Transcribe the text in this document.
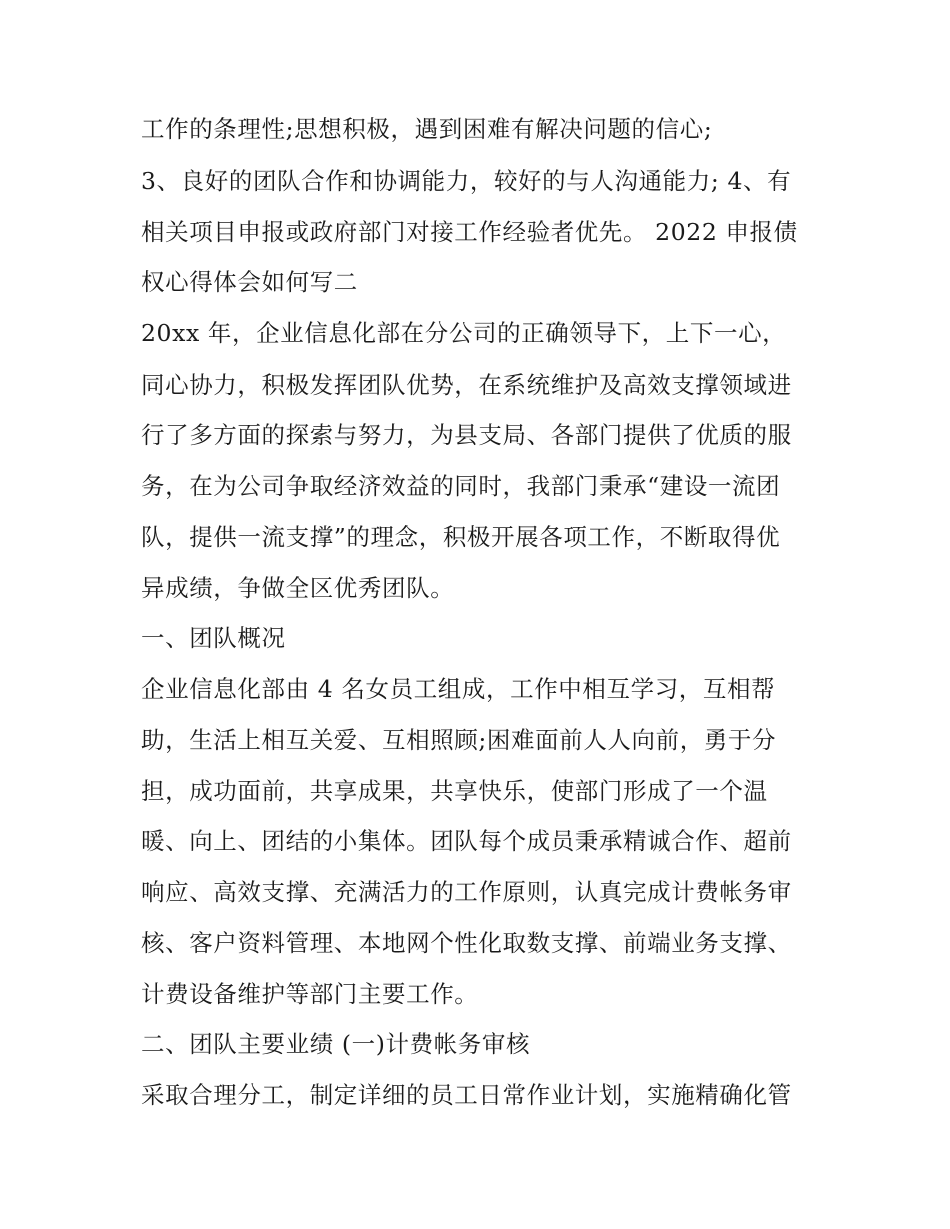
工作的条理性;思想积极，遇到困难有解决问题的信心;
3、良好的团队合作和协调能力，较好的与人沟通能力; 4、有
相关项目申报或政府部门对接工作经验者优先。 2022 申报债
权心得体会如何写二
20xx 年，企业信息化部在分公司的正确领导下，上下一心，
同心协力，积极发挥团队优势，在系统维护及高效支撑领域进
行了多方面的探索与努力，为县支局、各部门提供了优质的服
务，在为公司争取经济效益的同时，我部门秉承“建设一流团
队，提供一流支撑”的理念，积极开展各项工作，不断取得优
异成绩，争做全区优秀团队。
一、团队概况
企业信息化部由 4 名女员工组成，工作中相互学习，互相帮
助，生活上相互关爱、互相照顾;困难面前人人向前，勇于分
担，成功面前，共享成果，共享快乐，使部门形成了一个温
暖、向上、团结的小集体。团队每个成员秉承精诚合作、超前
响应、高效支撑、充满活力的工作原则，认真完成计费帐务审
核、客户资料管理、本地网个性化取数支撑、前端业务支撑、
计费设备维护等部门主要工作。
二、团队主要业绩 (一)计费帐务审核
采取合理分工，制定详细的员工日常作业计划，实施精确化管
